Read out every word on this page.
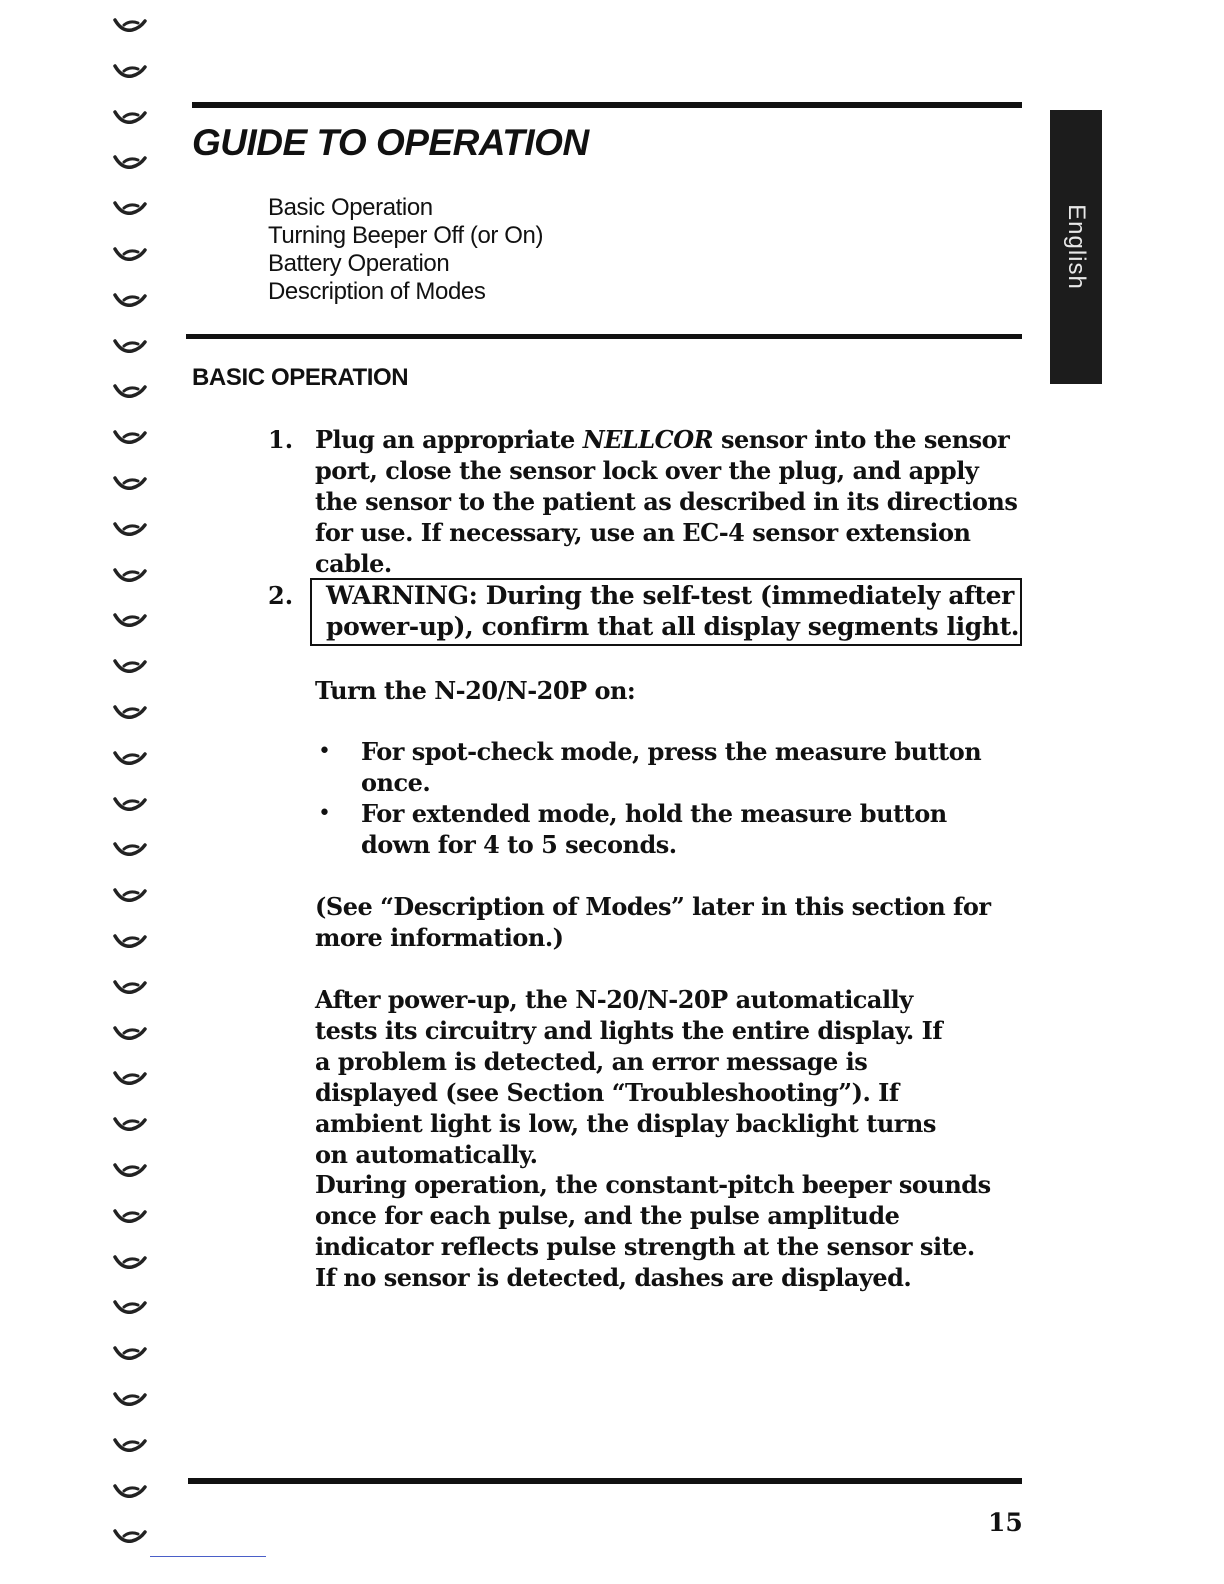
English
GUIDE TO OPERATION
Basic Operation
Turning Beeper Off (or On)
Battery Operation
Description of Modes
BASIC OPERATION
1. Plug an appropriate NELLCOR sensor into the sensor port, close the sensor lock over the plug, and apply the sensor to the patient as described in its directions for use. If necessary, use an EC-4 sensor extension cable.

2.	WARNING: During the self-test (immediately after power-up), confirm that all display segments light.

Turn the N-20/N-20P on:

• For spot-check mode, press the measure button once.

• For extended mode, hold the measure button down for 4 to 5 seconds.

(See “Description of Modes” later in this section for more information.)

After power-up, the N-20/N-20P automatically tests its circuitry and lights the entire display. If a problem is detected, an error message is displayed (see Section “Troubleshooting”). If ambient light is low, the display backlight turns on automatically.

During operation, the constant-pitch beeper sounds once for each pulse, and the pulse amplitude indicator reflects pulse strength at the sensor site. If no sensor is detected, dashes are displayed.

15
